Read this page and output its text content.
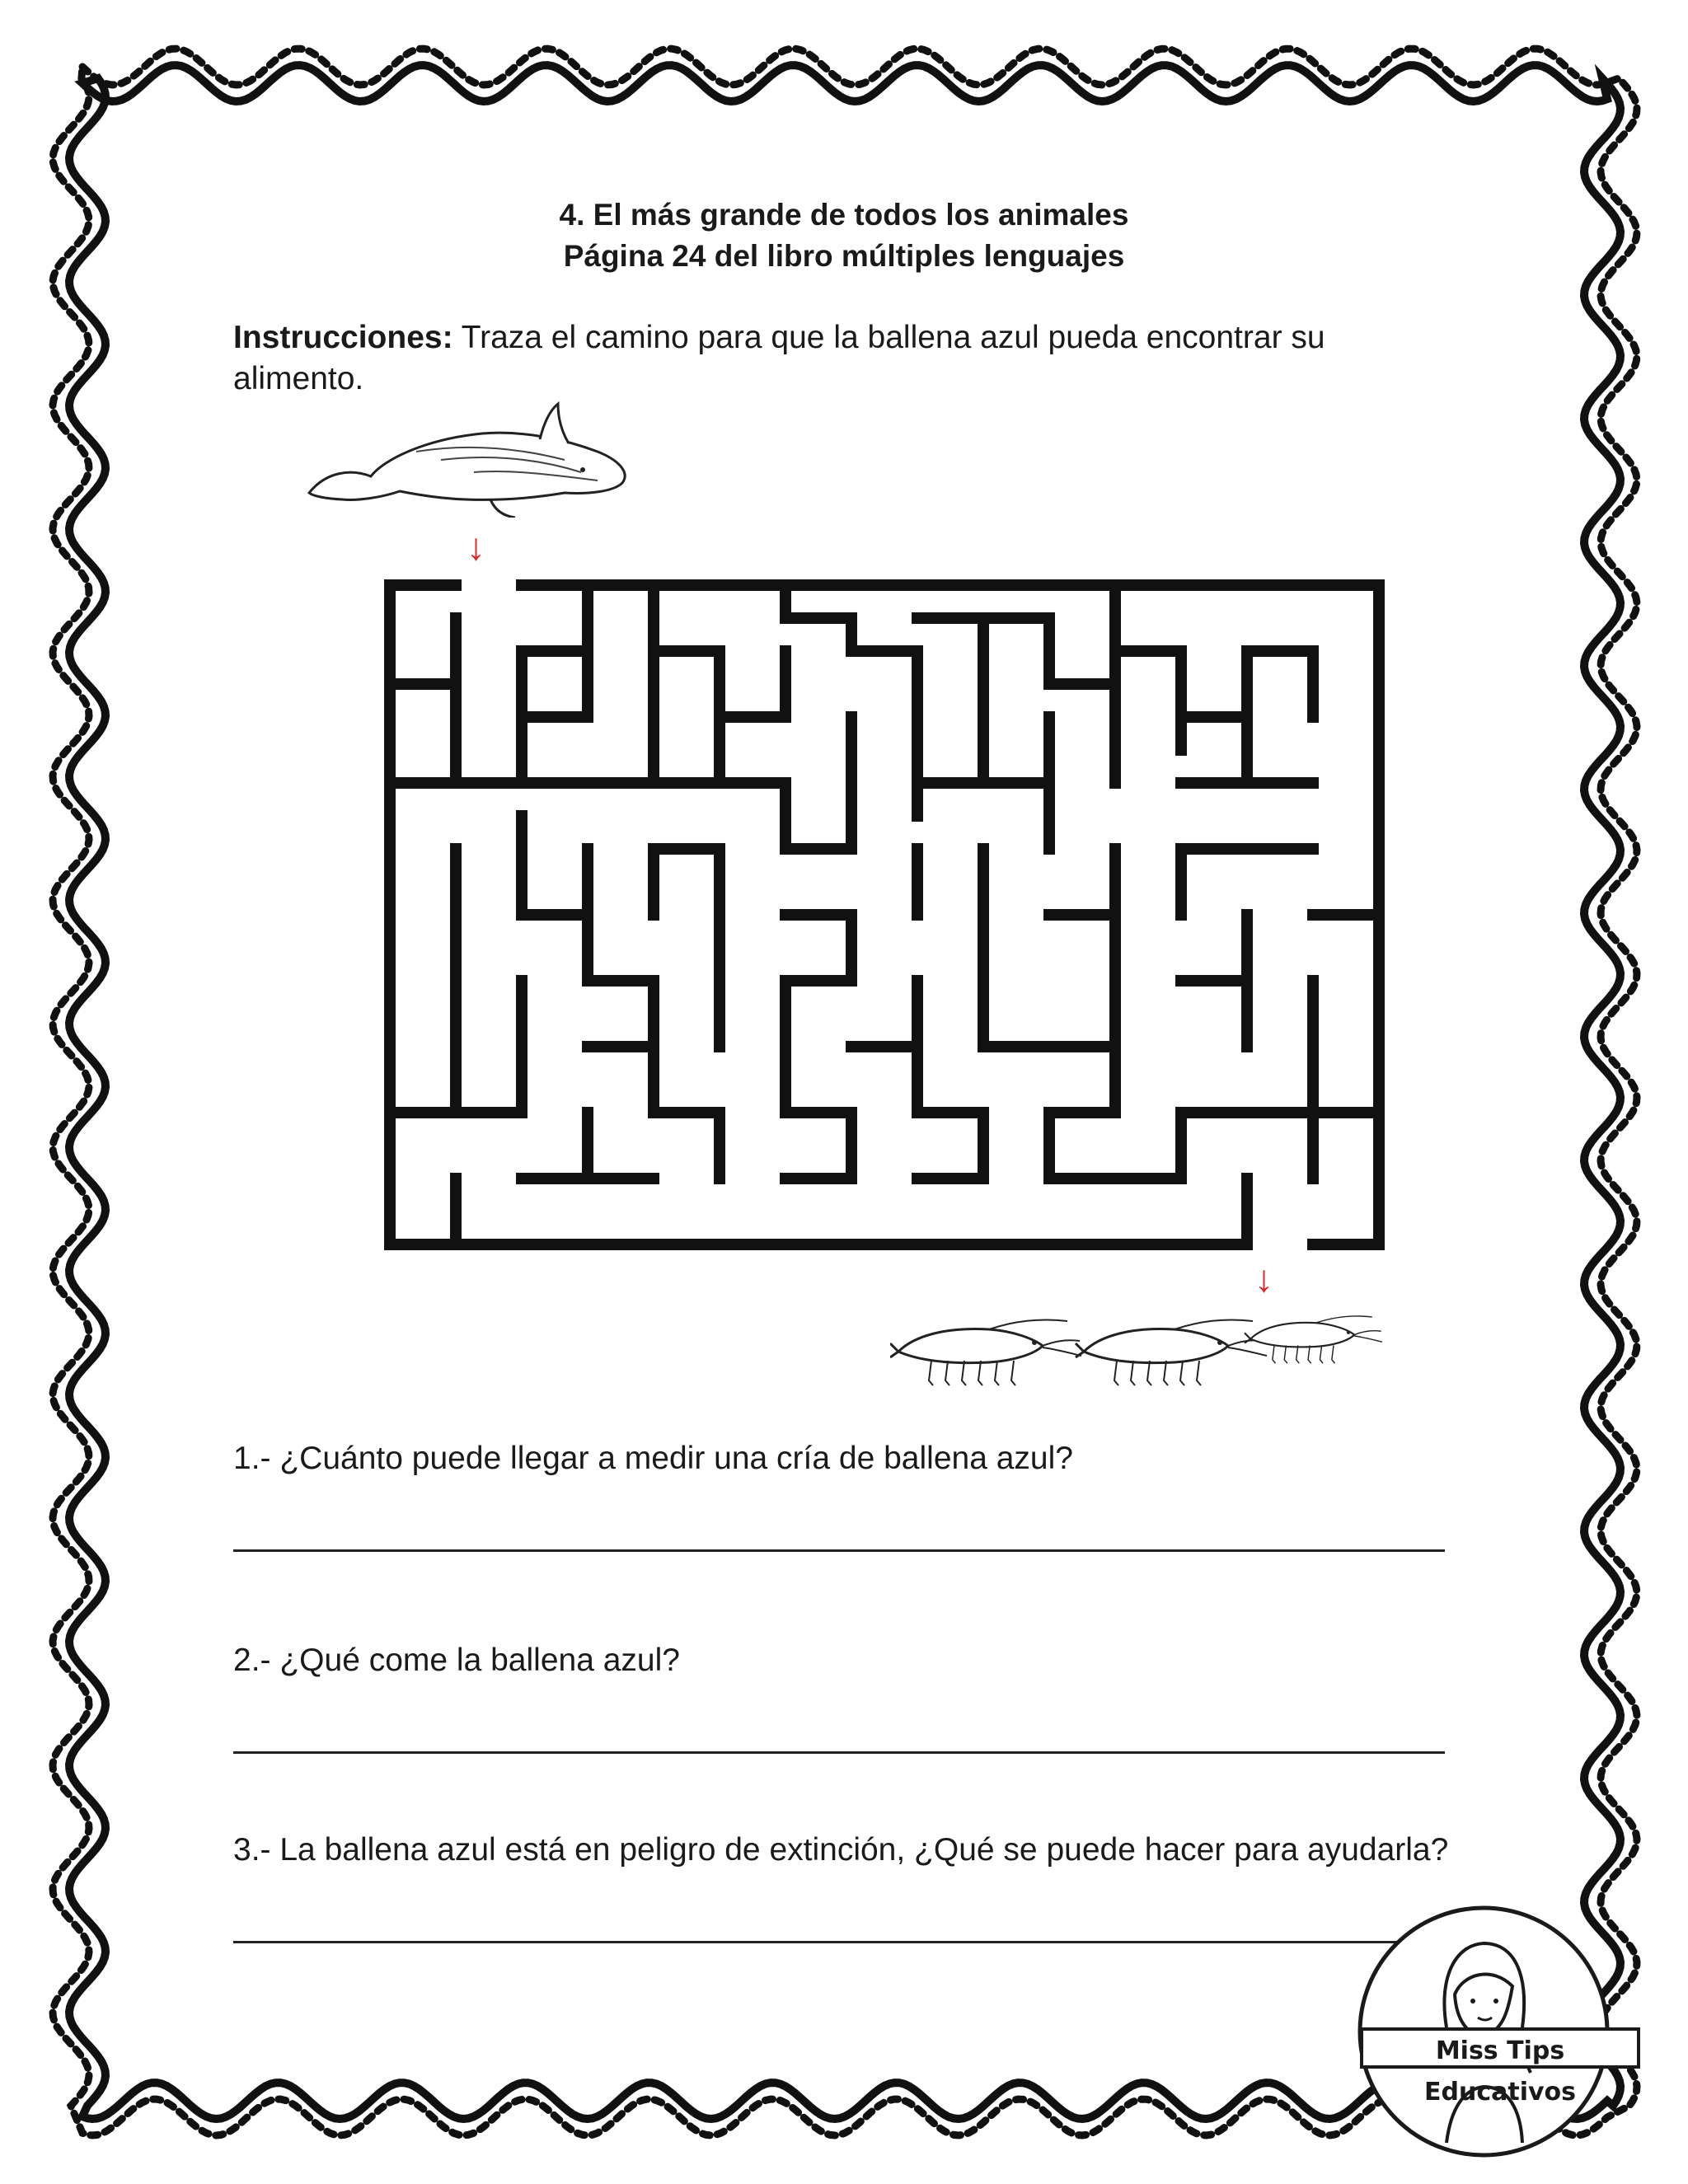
4. El más grande de todos los animales
Página 24 del libro múltiples lenguajes
Instrucciones: Traza el camino para que la ballena azul pueda encontrar su alimento.
↓
↓
1.- ¿Cuánto puede llegar a medir una cría de ballena azul?
2.- ¿Qué come la ballena azul?
3.- La ballena azul está en peligro de extinción, ¿Qué se puede hacer para ayudarla?
Miss Tips Educativos
